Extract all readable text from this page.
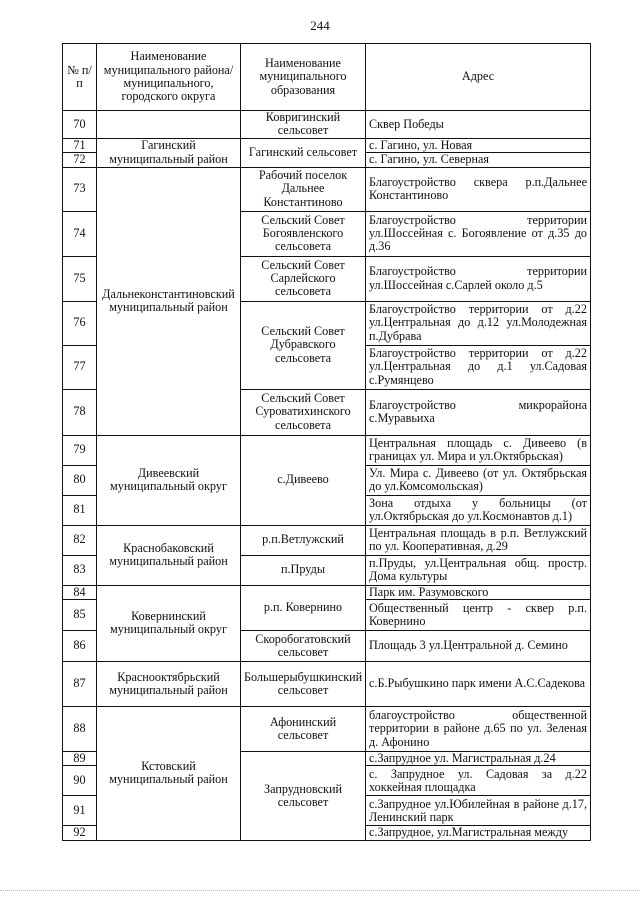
244
№ п/п	Наименование муниципального района/ муниципального, городского округа	Наименование муниципального образования	Адрес
70		Ковригинский сельсовет	Сквер Победы
71	Гагинский муниципальный район	Гагинский сельсовет	с. Гагино, ул. Новая
72			с. Гагино, ул. Северная
73	Дальнеконстантиновский муниципальный район	Рабочий поселок Дальнее Константиново	Благоустройство сквера р.п.Дальнее Константиново
74		Сельский Совет Богоявленского сельсовета	Благоустройство территории ул.Шоссейная с. Богоявление от д.35 до д.36
75		Сельский Совет Сарлейского сельсовета	Благоустройство территории ул.Шоссейная с.Сарлей около д.5
76		Сельский Совет Дубравского сельсовета	Благоустройство территории от д.22 ул.Центральная до д.12 ул.Молодежная п.Дубрава
77			Благоустройство территории от д.22 ул.Центральная до д.1 ул.Садовая с.Румянцево
78		Сельский Совет Суроватихинского сельсовета	Благоустройство микрорайона с.Муравьиха
79	Дивеевский муниципальный округ	с.Дивеево	Центральная площадь с. Дивеево (в границах ул. Мира и ул.Октябрьская)
80			Ул. Мира с. Дивеево (от ул. Октябрьская до ул.Комсомольская)
81			Зона отдыха у больницы (от ул.Октябрьская до ул.Космонавтов д.1)
82	Краснобаковский муниципальный район	р.п.Ветлужский	Центральная площадь в р.п. Ветлужский по ул. Кооперативная, д.29
83		п.Пруды	п.Пруды, ул.Центральная общ. простр. Дома культуры
84	Ковернинский муниципальный округ	р.п. Ковернино	Парк им. Разумовского
85			Общественный центр - сквер р.п. Ковернино
86		Скоробогатовский сельсовет	Площадь 3 ул.Центральной д. Семино
87	Краснооктябрьский муниципальный район	Большерыбушкинский сельсовет	с.Б.Рыбушкино парк имени А.С.Садекова
88	Кстовский муниципальный район	Афонинский сельсовет	благоустройство общественной территории в районе д.65 по ул. Зеленая д. Афонино
89		Запрудновский сельсовет	с.Запрудное ул. Магистральная д.24
90			с. Запрудное ул. Садовая за д.22 хоккейная площадка
91			с.Запрудное ул.Юбилейная в районе д.17, Ленинский парк
92			с.Запрудное, ул.Магистральная между
